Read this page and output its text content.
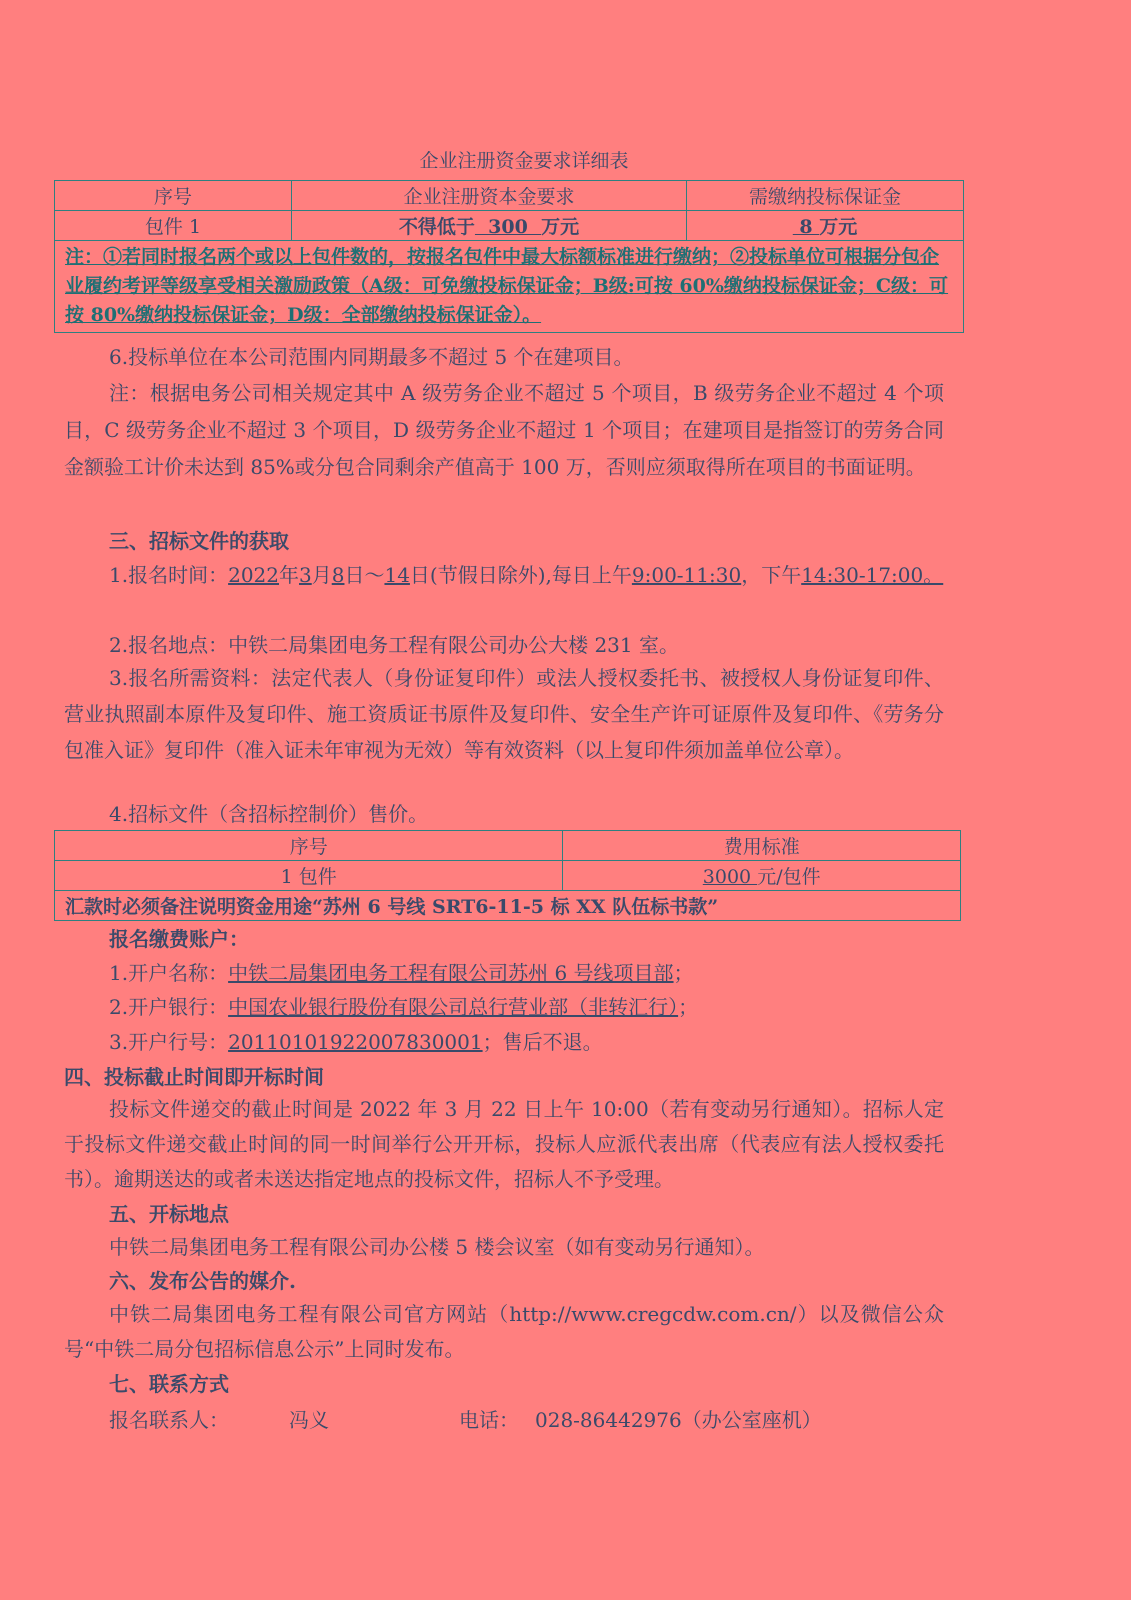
企业注册资金要求详细表
序号	企业注册资本金要求	需缴纳投标保证金
包件 1	不得低于  300  万元	8 万元
注：①若同时报名两个或以上包件数的，按报名包件中最大标额标准进行缴纳；②投标单位可根据分包企业履约考评等级享受相关激励政策（A级：可免缴投标保证金；B级:可按 60%缴纳投标保证金；C级：可按 80%缴纳投标保证金；D级：全部缴纳投标保证金）。		
6.投标单位在本公司范围内同期最多不超过 5 个在建项目。
注：根据电务公司相关规定其中 A 级劳务企业不超过 5 个项目，B 级劳务企业不超过 4 个项目，C 级劳务企业不超过 3 个项目，D 级劳务企业不超过 1 个项目；在建项目是指签订的劳务合同金额验工计价未达到 85%或分包合同剩余产值高于 100 万，否则应须取得所在项目的书面证明。
三、招标文件的获取
1.报名时间：2022年3月8日～14日(节假日除外),每日上午9:00-11:30，下午14:30-17:00。
2.报名地点：中铁二局集团电务工程有限公司办公大楼 231 室。
3.报名所需资料：法定代表人（身份证复印件）或法人授权委托书、被授权人身份证复印件、营业执照副本原件及复印件、施工资质证书原件及复印件、安全生产许可证原件及复印件、《劳务分包准入证》复印件（准入证未年审视为无效）等有效资料（以上复印件须加盖单位公章）。
4.招标文件（含招标控制价）售价。
序号	费用标准
1 包件	3000 元/包件
汇款时必须备注说明资金用途“苏州 6 号线 SRT6-11-5 标 XX 队伍标书款”	
报名缴费账户：
1.开户名称：中铁二局集团电务工程有限公司苏州 6 号线项目部；
2.开户银行：中国农业银行股份有限公司总行营业部（非转汇行）；
3.开户行号：20110101922007830001；售后不退。
四、投标截止时间即开标时间
投标文件递交的截止时间是 2022 年 3 月 22 日上午 10:00（若有变动另行通知）。招标人定于投标文件递交截止时间的同一时间举行公开开标，投标人应派代表出席（代表应有法人授权委托书）。逾期送达的或者未送达指定地点的投标文件，招标人不予受理。
五、开标地点
中铁二局集团电务工程有限公司办公楼 5 楼会议室（如有变动另行通知）。
六、发布公告的媒介.
中铁二局集团电务工程有限公司官方网站（http://www.cregcdw.com.cn/）以及微信公众号“中铁二局分包招标信息公示”上同时发布。
七、联系方式
报名联系人：	冯义	电话： 028-86442976（办公室座机）
